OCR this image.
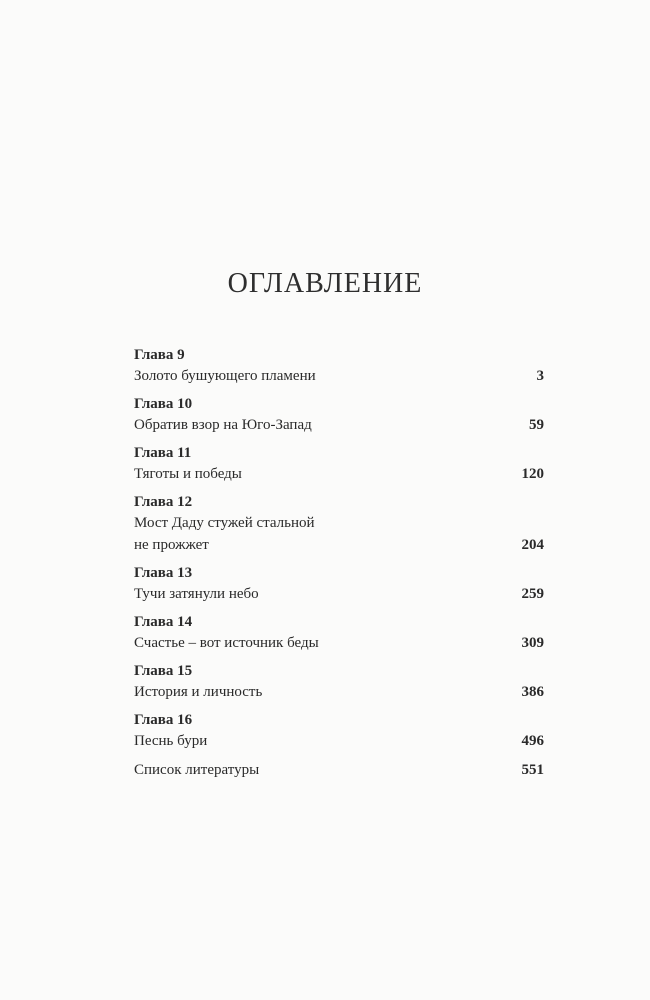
ОГЛАВЛЕНИЕ
Глава 9
Золото бушующего пламени	3
Глава 10
Обратив взор на Юго-Запад	59
Глава 11
Тяготы и победы	120
Глава 12
Мост Даду стужей стальной
не прожжет	204
Глава 13
Тучи затянули небо	259
Глава 14
Счастье – вот источник беды	309
Глава 15
История и личность	386
Глава 16
Песнь бури	496
Список литературы	551
